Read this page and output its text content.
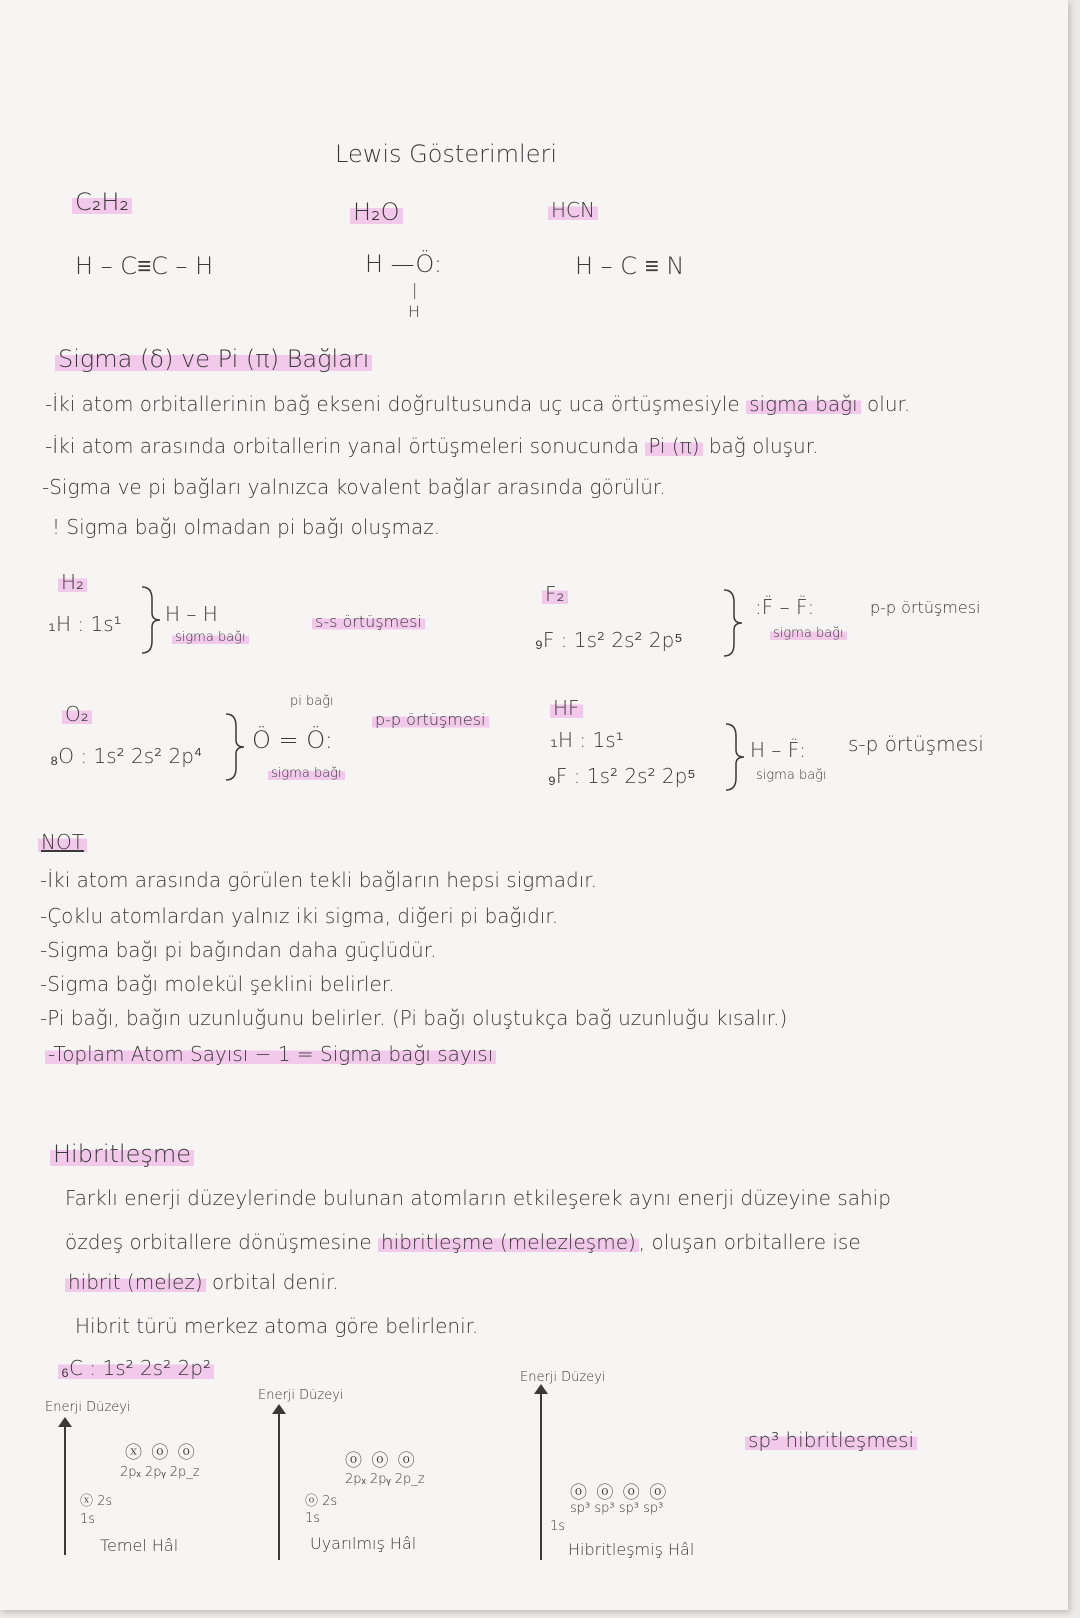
Lewis Gösterimleri
C₂H₂
H – C≡C – H
H₂O
H —Ö:
|
H
HCN
H – C ≡ N
Sigma (δ) ve Pi (π) Bağları
-İki atom orbitallerinin bağ ekseni doğrultusunda uç uca örtüşmesiyle sigma bağı olur.
-İki atom arasında orbitallerin yanal örtüşmeleri sonucunda Pi (π) bağ oluşur.
-Sigma ve pi bağları yalnızca kovalent bağlar arasında görülür.
! Sigma bağı olmadan pi bağı oluşmaz.
H₂
₁H : 1s¹ H – H
sigma bağı
s-s örtüşmesi
F₂
₉F : 1s² 2s² 2p⁵
:F̈ – F̈:
sigma bağı
p-p örtüşmesi
O₂
₈O : 1s² 2s² 2p⁴
pi bağı
Ö = Ö:
sigma bağı
p-p örtüşmesi	HF
₁H : 1s¹
₉F : 1s² 2s² 2p⁵
H – F̈:
sigma bağı
s-p örtüşmesi
NOT
-İki atom arasında görülen tekli bağların hepsi sigmadır.
-Çoklu atomlardan yalnız iki sigma, diğeri pi bağıdır.
-Sigma bağı pi bağından daha güçlüdür.
-Sigma bağı molekül şeklini belirler.
-Pi bağı, bağın uzunluğunu belirler. (Pi bağı oluştukça bağ uzunluğu kısalır.)
-Toplam Atom Sayısı − 1 = Sigma bağı sayısı
Hibritleşme
Farklı enerji düzeylerinde bulunan atomların etkileşerek aynı enerji düzeyine sahip
özdeş orbitallere dönüşmesine hibritleşme (melezleşme) , oluşan orbitallere ise
hibrit (melez) orbital denir.
Hibrit türü merkez atoma göre belirlenir.
₆C : 1s² 2s² 2p²
Enerji Düzeyi
ⓧ ⓞ ⓞ
2pₓ 2pᵧ 2p_z
ⓧ 2s
1s
Temel Hâl
Enerji Düzeyi
ⓞ ⓞ ⓞ
2pₓ 2pᵧ 2p_z
ⓞ 2s
1s
Uyarılmış Hâl
Enerji Düzeyi
ⓞ ⓞ ⓞ ⓞ
sp³ sp³ sp³ sp³
1s
Hibritleşmiş Hâl
sp³ hibritleşmesi
